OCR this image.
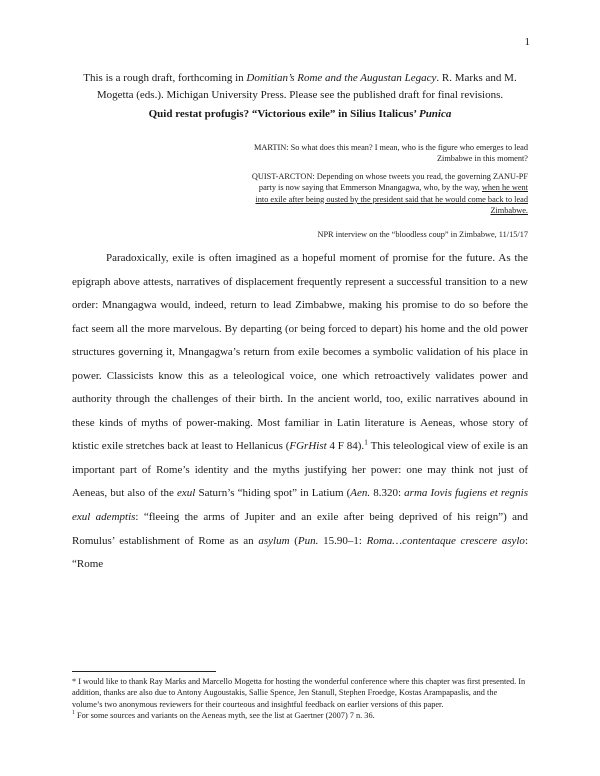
1
This is a rough draft, forthcoming in Domitian’s Rome and the Augustan Legacy. R. Marks and M. Mogetta (eds.). Michigan University Press. Please see the published draft for final revisions.
Quid restat profugis? “Victorious exile” in Silius Italicus’ Punica
MARTIN: So what does this mean? I mean, who is the figure who emerges to lead Zimbabwe in this moment?
QUIST-ARCTON: Depending on whose tweets you read, the governing ZANU-PF party is now saying that Emmerson Mnangagwa, who, by the way, when he went into exile after being ousted by the president said that he would come back to lead Zimbabwe.
NPR interview on the “bloodless coup” in Zimbabwe, 11/15/17

Paradoxically, exile is often imagined as a hopeful moment of promise for the future. As the epigraph above attests, narratives of displacement frequently represent a successful transition to a new order: Mnangagwa would, indeed, return to lead Zimbabwe, making his promise to do so before the fact seem all the more marvelous. By departing (or being forced to depart) his home and the old power structures governing it, Mnangagwa’s return from exile becomes a symbolic validation of his place in power. Classicists know this as a teleological voice, one which retroactively validates power and authority through the challenges of their birth. In the ancient world, too, exilic narratives abound in these kinds of myths of power-making. Most familiar in Latin literature is Aeneas, whose story of ktistic exile stretches back at least to Hellanicus (FGrHist 4 F 84).$^1$ This teleological view of exile is an important part of Rome’s identity and the myths justifying her power: one may think not just of Aeneas, but also of the exul Saturn’s “hiding spot” in Latium (Aen. 8.320: arma Iovis fugiens et regnis exul ademptis: “fleeing the arms of Jupiter and an exile after being deprived of his reign”) and Romulus’ establishment of Rome as an asylum (Pun. 15.90–1: Roma…contentaque crescere asylo: “Rome

* I would like to thank Ray Marks and Marcello Mogetta for hosting the wonderful conference where this chapter was first presented. In addition, thanks are also due to Antony Augoustakis, Sallie Spence, Jen Stanull, Stephen Froedge, Kostas Arampapaslis, and the volume’s two anonymous reviewers for their courteous and insightful feedback on earlier versions of this paper.
$^1$ For some sources and variants on the Aeneas myth, see the list at Gaertner (2007) 7 n. 36.
